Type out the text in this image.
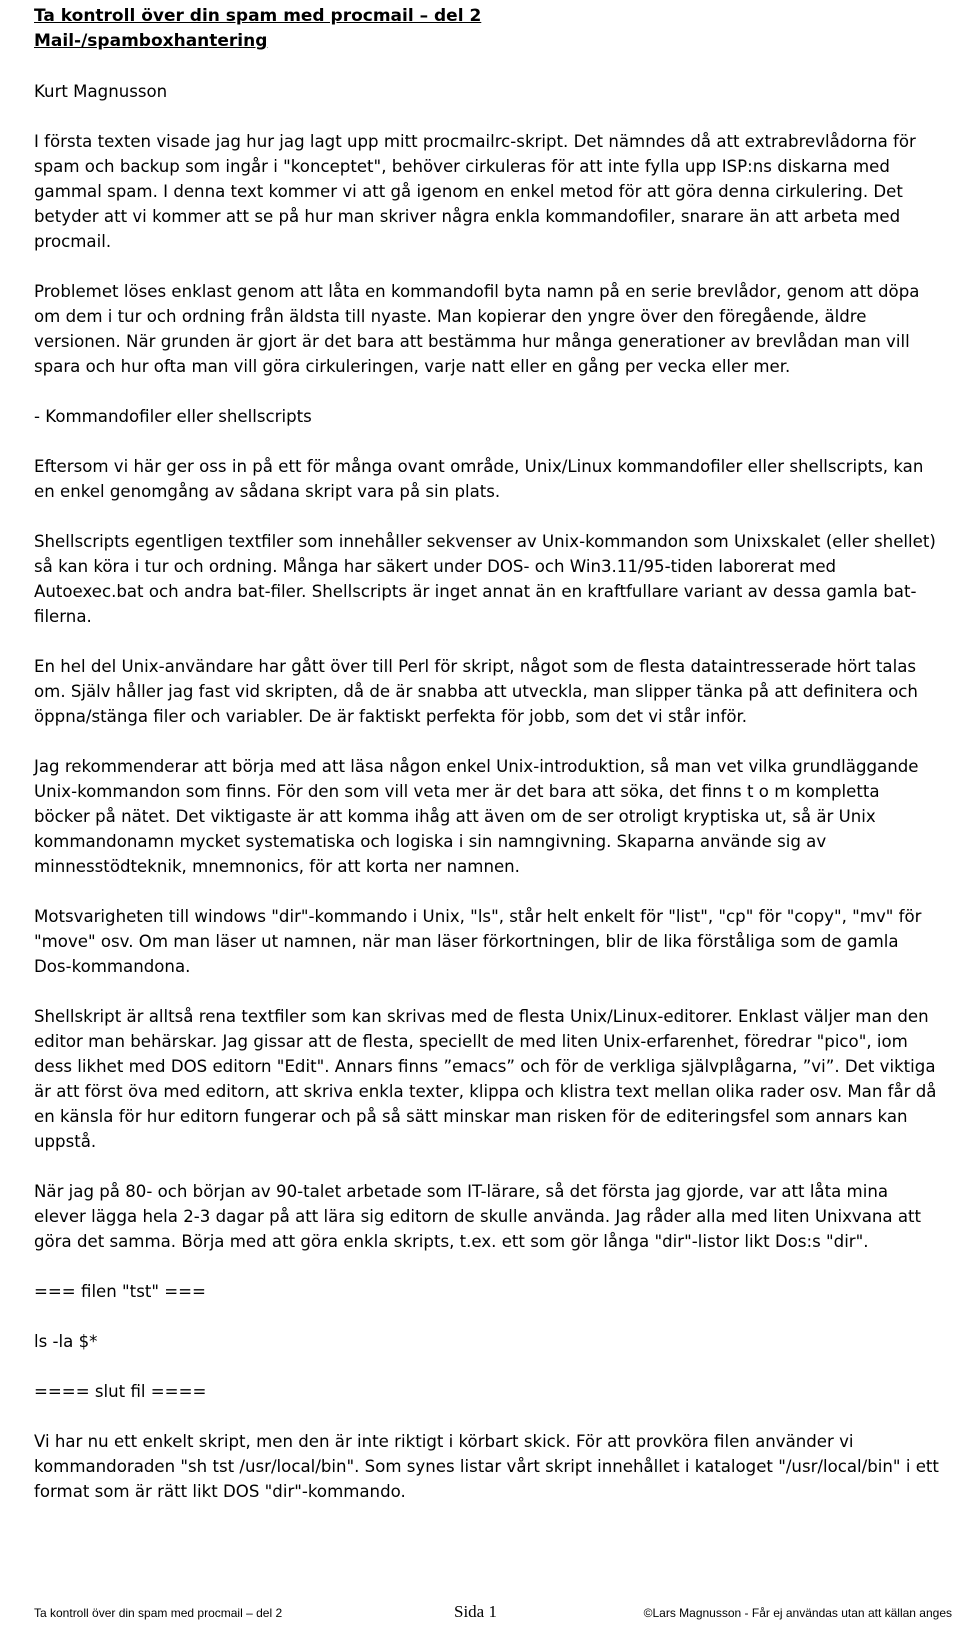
Ta kontroll över din spam med procmail – del 2
Mail-/spamboxhantering
Kurt Magnusson

I första texten visade jag hur jag lagt upp mitt procmailrc-skript. Det nämndes då att extrabrevlådorna för spam och backup som ingår i "konceptet", behöver cirkuleras för att inte fylla upp ISP:ns diskarna med gammal spam. I denna text kommer vi att gå igenom en enkel metod för att göra denna cirkulering. Det betyder att vi kommer att se på hur man skriver några enkla kommandofiler, snarare än att arbeta med procmail.

Problemet löses enklast genom att låta en kommandofil byta namn på en serie brevlådor, genom att döpa om dem i tur och ordning från äldsta till nyaste. Man kopierar den yngre över den föregående, äldre versionen. När grunden är gjort är det bara att bestämma hur många generationer av brevlådan man vill spara och hur ofta man vill göra cirkuleringen, varje natt eller en gång per vecka eller mer.

- Kommandofiler eller shellscripts

Eftersom vi här ger oss in på ett för många ovant område, Unix/Linux kommandofiler eller shellscripts, kan en enkel genomgång av sådana skript vara på sin plats.

Shellscripts egentligen textfiler som innehåller sekvenser av Unix-kommandon som Unixskalet (eller shellet) så kan köra i tur och ordning. Många har säkert under DOS- och Win3.11/95-tiden laborerat med Autoexec.bat och andra bat-filer. Shellscripts är inget annat än en kraftfullare variant av dessa gamla bat-filerna.

En hel del Unix-användare har gått över till Perl för skript, något som de flesta dataintresserade hört talas om. Själv håller jag fast vid skripten, då de är snabba att utveckla, man slipper tänka på att definitera och öppna/stänga filer och variabler. De är faktiskt perfekta för jobb, som det vi står inför.

Jag rekommenderar att börja med att läsa någon enkel Unix-introduktion, så man vet vilka grundläggande Unix-kommandon som finns. För den som vill veta mer är det bara att söka, det finns t o m kompletta böcker på nätet. Det viktigaste är att komma ihåg att även om de ser otroligt kryptiska ut, så är Unix kommandonamn mycket systematiska och logiska i sin namngivning. Skaparna använde sig av minnesstödteknik, mnemnonics, för att korta ner namnen.

Motsvarigheten till windows "dir"-kommando i Unix, "ls", står helt enkelt för "list", "cp" för "copy", "mv" för "move" osv. Om man läser ut namnen, när man läser förkortningen, blir de lika förståliga som de gamla Dos-kommandona.

Shellskript är alltså rena textfiler som kan skrivas med de flesta Unix/Linux-editorer. Enklast väljer man den editor man behärskar. Jag gissar att de flesta, speciellt de med liten Unix-erfarenhet, föredrar "pico", iom dess likhet med DOS editorn "Edit". Annars finns ”emacs” och för de verkliga självplågarna, ”vi”. Det viktiga är att först öva med editorn, att skriva enkla texter, klippa och klistra text mellan olika rader osv. Man får då en känsla för hur editorn fungerar och på så sätt minskar man risken för de editeringsfel som annars kan uppstå.

När jag på 80- och början av 90-talet arbetade som IT-lärare, så det första jag gjorde, var att låta mina elever lägga hela 2-3 dagar på att lära sig editorn de skulle använda. Jag råder alla med liten Unixvana att göra det samma. Börja med att göra enkla skripts, t.ex. ett som gör långa "dir"-listor likt Dos:s "dir".

=== filen "tst" ===
ls -la $*
==== slut fil ====

Vi har nu ett enkelt skript, men den är inte riktigt i körbart skick. För att provköra filen använder vi kommandoraden "sh tst /usr/local/bin". Som synes listar vårt skript innehållet i kataloget "/usr/local/bin" i ett format som är rätt likt DOS "dir"-kommando.

Ta kontroll över din spam med procmail – del 2	Sida 1	©Lars Magnusson - Får ej användas utan att källan anges
